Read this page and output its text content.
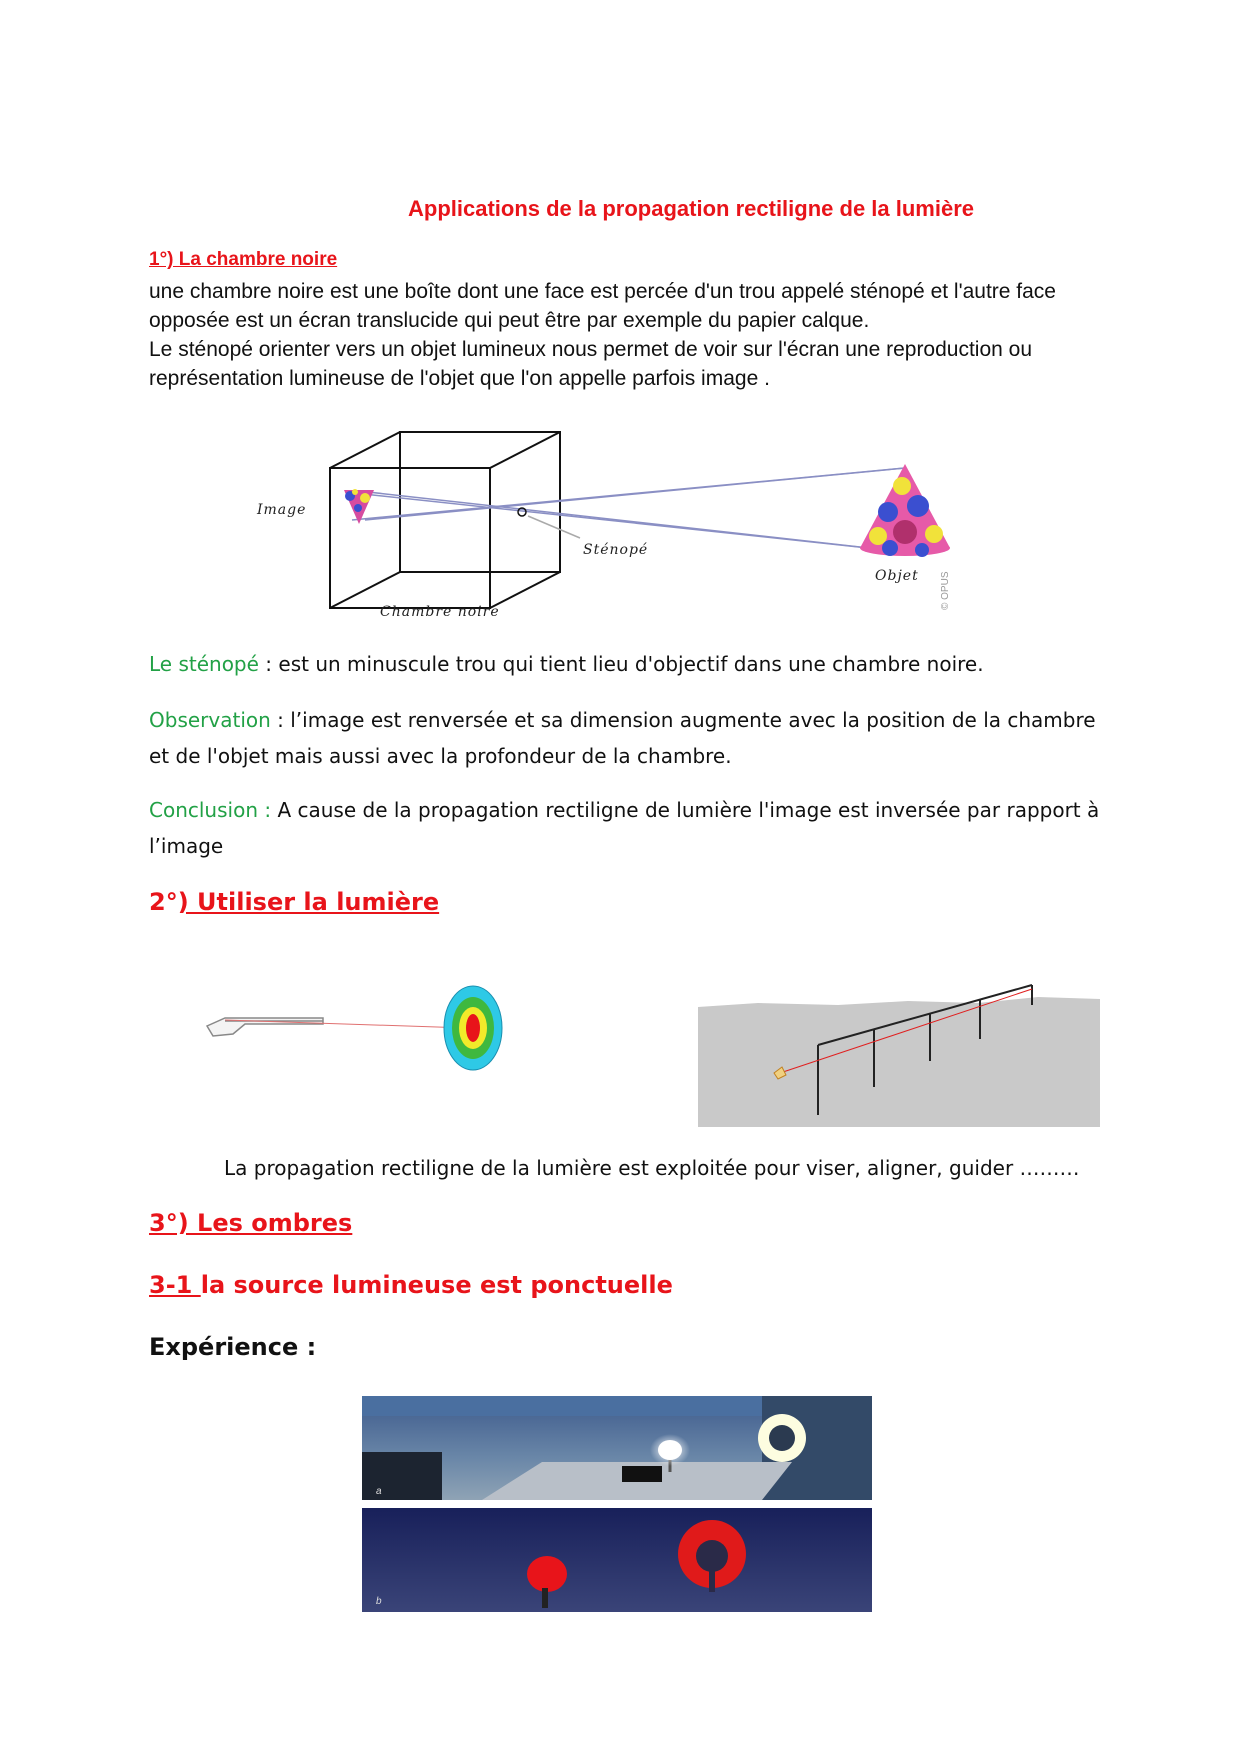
Applications de la propagation rectiligne de la lumière
1°) La chambre noire
une chambre noire est une boîte dont une face est percée d'un trou appelé sténopé et l'autre face opposée est un écran translucide qui peut être par exemple du papier calque.
Le sténopé orienter vers un objet lumineux nous permet de voir sur l'écran une reproduction ou représentation lumineuse de l'objet que l'on appelle parfois image .
Image
Sténopé
Chambre noire
Objet © OPUS
Le sténopé : est un minuscule trou qui tient lieu d'objectif dans une chambre noire.
Observation : l’image est renversée et sa dimension augmente avec la position de la chambre et de l'objet mais aussi avec la profondeur de la chambre.
Conclusion : A cause de la propagation rectiligne de lumière l'image est inversée par rapport à l’image
2°) Utiliser la lumière
La propagation rectiligne de la lumière est exploitée pour viser, aligner, guider ………
3°) Les ombres
3-1 la source lumineuse est ponctuelle
Expérience :
a
b
